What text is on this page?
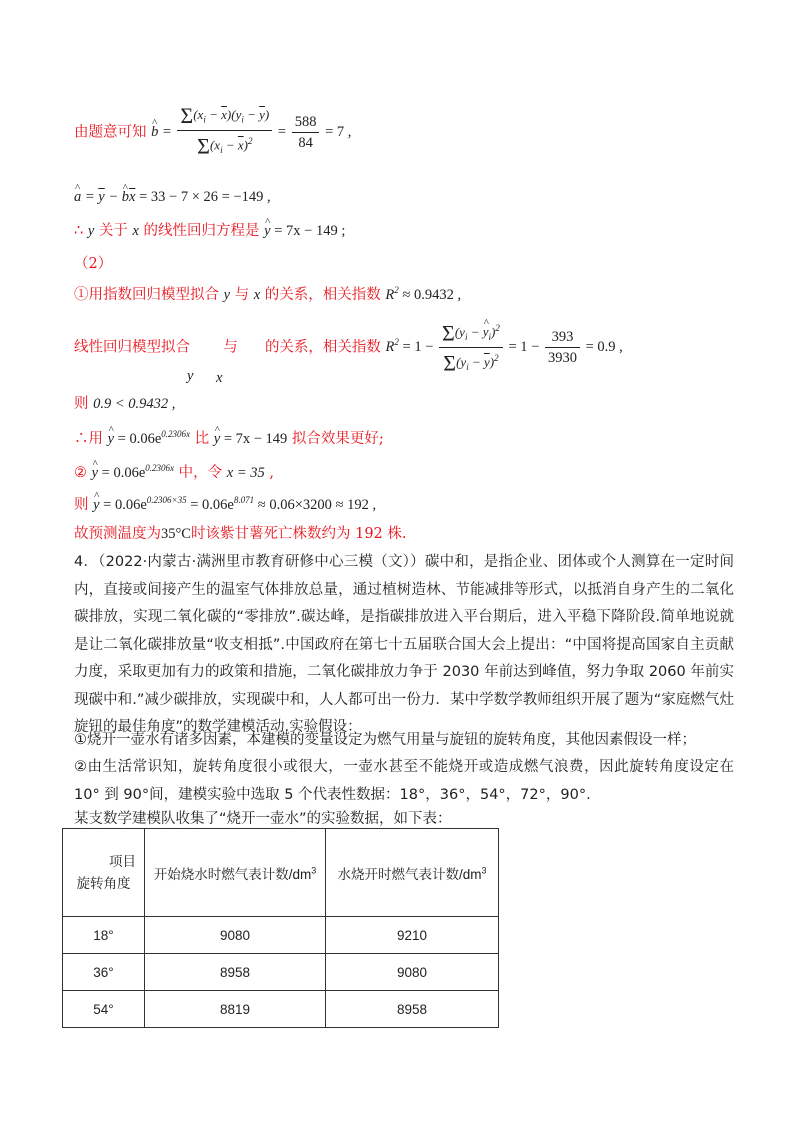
由题意可知 ^ $b = \frac{\Sigma(x_i - \overline{x})(y_i - \overline{y})}{\Sigma(x_i - \overline{x})^2} = \frac{588}{84} = 7$ ,
^ $a = \overline{y}$ − ^ $b\overline{x} = 33 - 7 \times 26 = -149$ ,
∴ y 关于 x 的线性回归方程是 ^ y = 7x − 149 ;
（2）
①用指数回归模型拟合 y 与 x 的关系，相关指数 $R^2 \approx 0.9432$ ,
线性回归模型拟合 与 的关系，相关指数 $R^2 = 1 - \frac{\Sigma(y_i - \^{} y_i)^2}{\Sigma(y_i - \overline{y})^2} = 1 - \frac{393}{3930} = 0.9$ ,
y x
则 0.9 < 0.9432 ,
∴用 ^ $y = 0.06e^{0.2306x}$ 比 ^ y = 7x − 149 拟合效果更好;
② ^ $y = 0.06e^{0.2306x}$ 中，令 x = 35 ,
则 ^ $y = 0.06e^{0.2306\times 35} = 0.06e^{8.071} \approx 0.06\times 3200 \approx 192$ ,
故预测温度为35°C时该紫甘薯死亡株数约为 192 株.
4．（2022·内蒙古·满洲里市教育研修中心三模（文））碳中和，是指企业、团体或个人测算在一定时间内，直接或间接产生的温室气体排放总量，通过植树造林、节能减排等形式，以抵消自身产生的二氧化碳排放，实现二氧化碳的“零排放”.碳达峰，是指碳排放进入平台期后，进入平稳下降阶段.简单地说就是让二氧化碳排放量“收支相抵”.中国政府在第七十五届联合国大会上提出：“中国将提高国家自主贡献力度，采取更加有力的政策和措施，二氧化碳排放力争于 2030 年前达到峰值，努力争取 2060 年前实现碳中和.”减少碳排放，实现碳中和，人人都可出一份力．某中学数学教师组织开展了题为“家庭燃气灶旋钮的最佳角度”的数学建模活动.实验假设：
①烧开一壶水有诸多因素，本建模的变量设定为燃气用量与旋钮的旋转角度，其他因素假设一样；
②由生活常识知，旋转角度很小或很大，一壶水甚至不能烧开或造成燃气浪费，因此旋转角度设定在 10° 到 90°间，建模实验中选取 5 个代表性数据：18°，36°，54°，72°，90°.
某支数学建模队收集了“烧开一壶水”的实验数据，如下表：
项目
旋转角度	开始烧水时燃气表计数$/dm^3$	水烧开时燃气表计数$/dm^3$
18°	9080	9210
36°	8958	9080
54°	8819	8958
